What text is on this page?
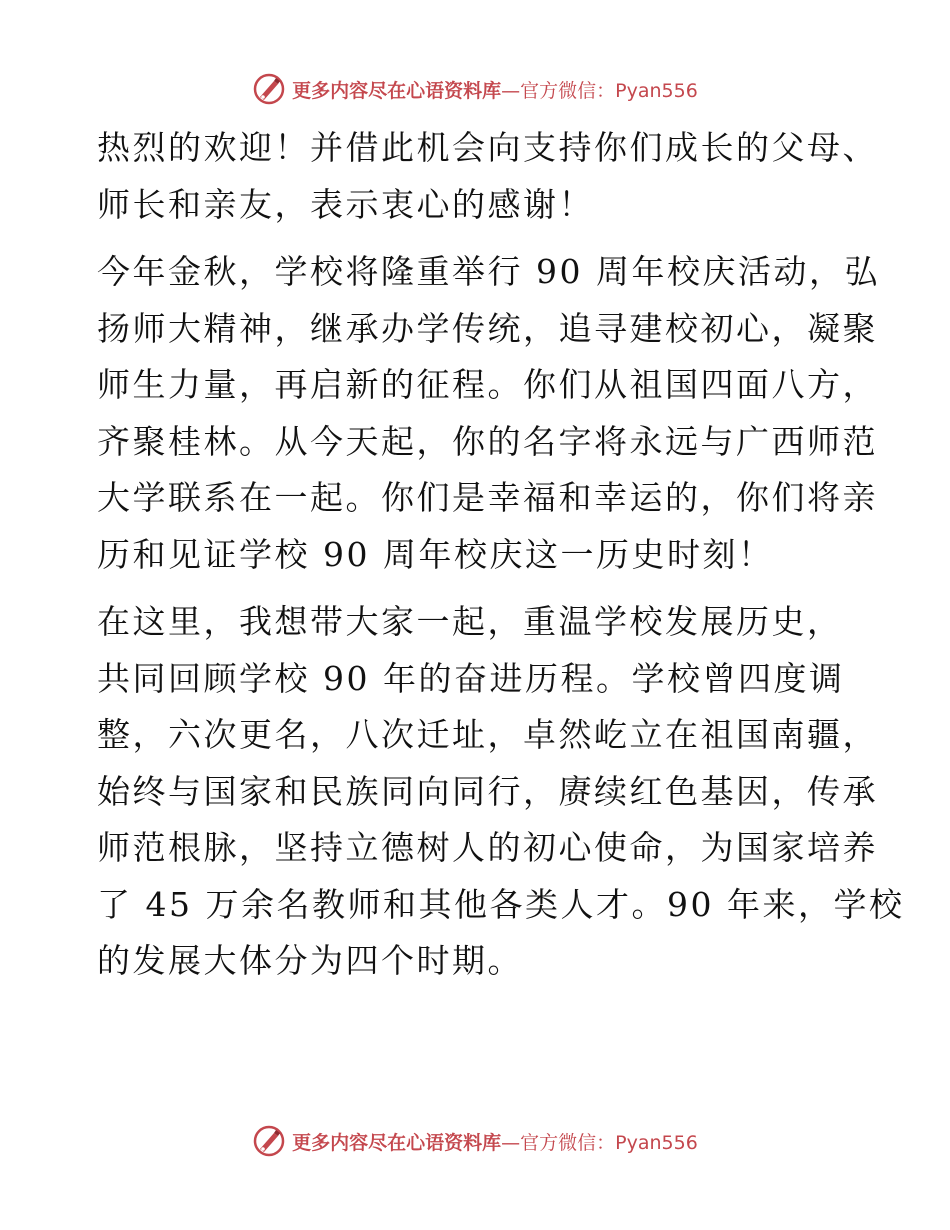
更多内容尽在心语资料库—官方微信：Pyan556

热烈的欢迎！并借此机会向支持你们成长的父母、
师长和亲友，表示衷心的感谢！

今年金秋，学校将隆重举行 90 周年校庆活动，弘
扬师大精神，继承办学传统，追寻建校初心，凝聚
师生力量，再启新的征程。你们从祖国四面八方，
齐聚桂林。从今天起，你的名字将永远与广西师范
大学联系在一起。你们是幸福和幸运的，你们将亲
历和见证学校 90 周年校庆这一历史时刻！

在这里，我想带大家一起，重温学校发展历史，
共同回顾学校 90 年的奋进历程。学校曾四度调
整，六次更名，八次迁址，卓然屹立在祖国南疆，
始终与国家和民族同向同行，赓续红色基因，传承
师范根脉，坚持立德树人的初心使命，为国家培养
了 45 万余名教师和其他各类人才。90 年来，学校
的发展大体分为四个时期。

更多内容尽在心语资料库—官方微信：Pyan556
